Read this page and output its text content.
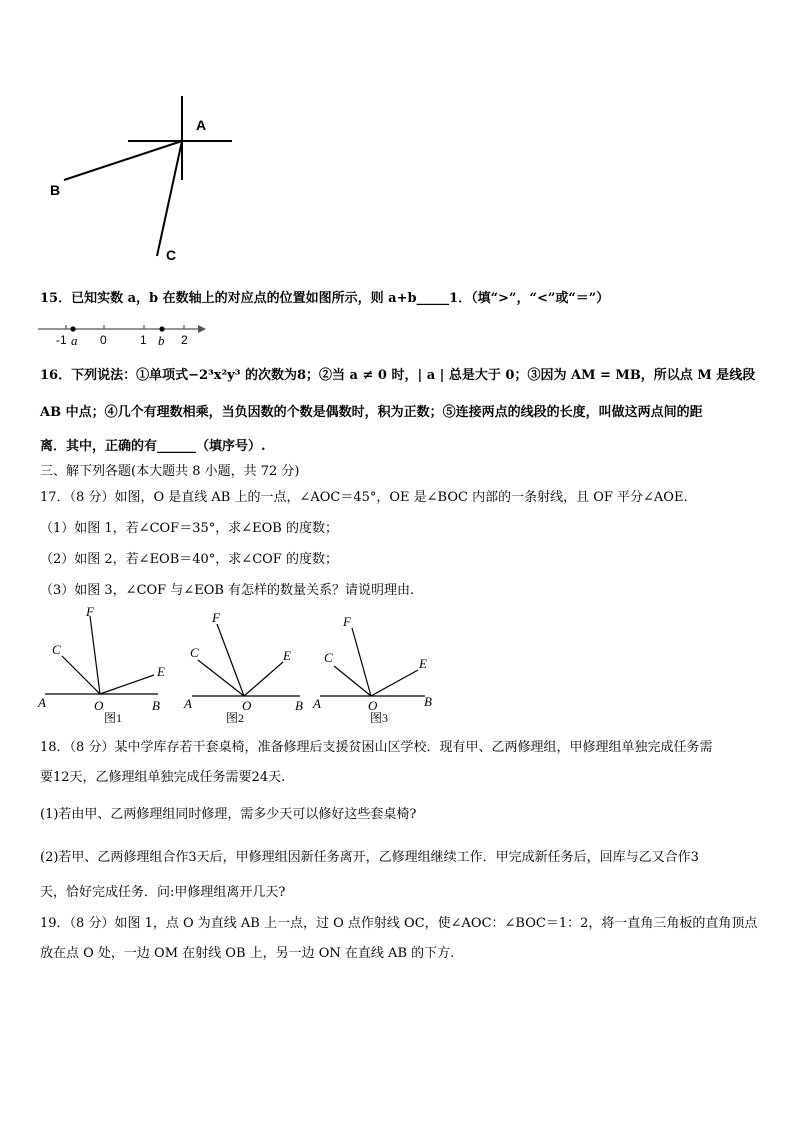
A
B
C
15．已知实数 a，b 在数轴上的对应点的位置如图所示，则 a+b_____1．（填“>”，“<”或“＝”）
-1 a 0	1 b 2
16．下列说法：①单项式−2³x²y³ 的次数为8；②当 a ≠ 0 时，| a | 总是大于 0；③因为 AM = MB，所以点 M 是线段
AB 中点；④几个有理数相乘，当负因数的个数是偶数时，积为正数；⑤连接两点的线段的长度，叫做这两点间的距
离．其中，正确的有______（填序号）.
三、解下列各题(本大题共 8 小题，共 72 分)
17．（8 分）如图，O 是直线 AB 上的一点，∠AOC＝45°，OE 是∠BOC 内部的一条射线，且 OF 平分∠AOE.
（1）如图 1，若∠COF＝35°，求∠EOB 的度数；
（2）如图 2，若∠EOB＝40°，求∠COF 的度数；
（3）如图 3，∠COF 与∠EOB 有怎样的数量关系？请说明理由.
F
C
E
A	O	B
图1
F
C	E
A	O	B
图2
F
C	E
A	O	B
图3
18．（8 分）某中学库存若干套桌椅，准备修理后支援贫困山区学校．现有甲、乙两修理组，甲修理组单独完成任务需
要12天，乙修理组单独完成任务需要24天.
(1)若由甲、乙两修理组同时修理，需多少天可以修好这些套桌椅?
(2)若甲、乙两修理组合作3天后，甲修理组因新任务离开，乙修理组继续工作．甲完成新任务后，回库与乙又合作3
天，恰好完成任务．问:甲修理组离开几天?
19．（8 分）如图 1，点 O 为直线 AB 上一点，过 O 点作射线 OC，使∠AOC：∠BOC＝1：2，将一直角三角板的直角顶点
放在点 O 处，一边 OM 在射线 OB 上，另一边 ON 在直线 AB 的下方.
